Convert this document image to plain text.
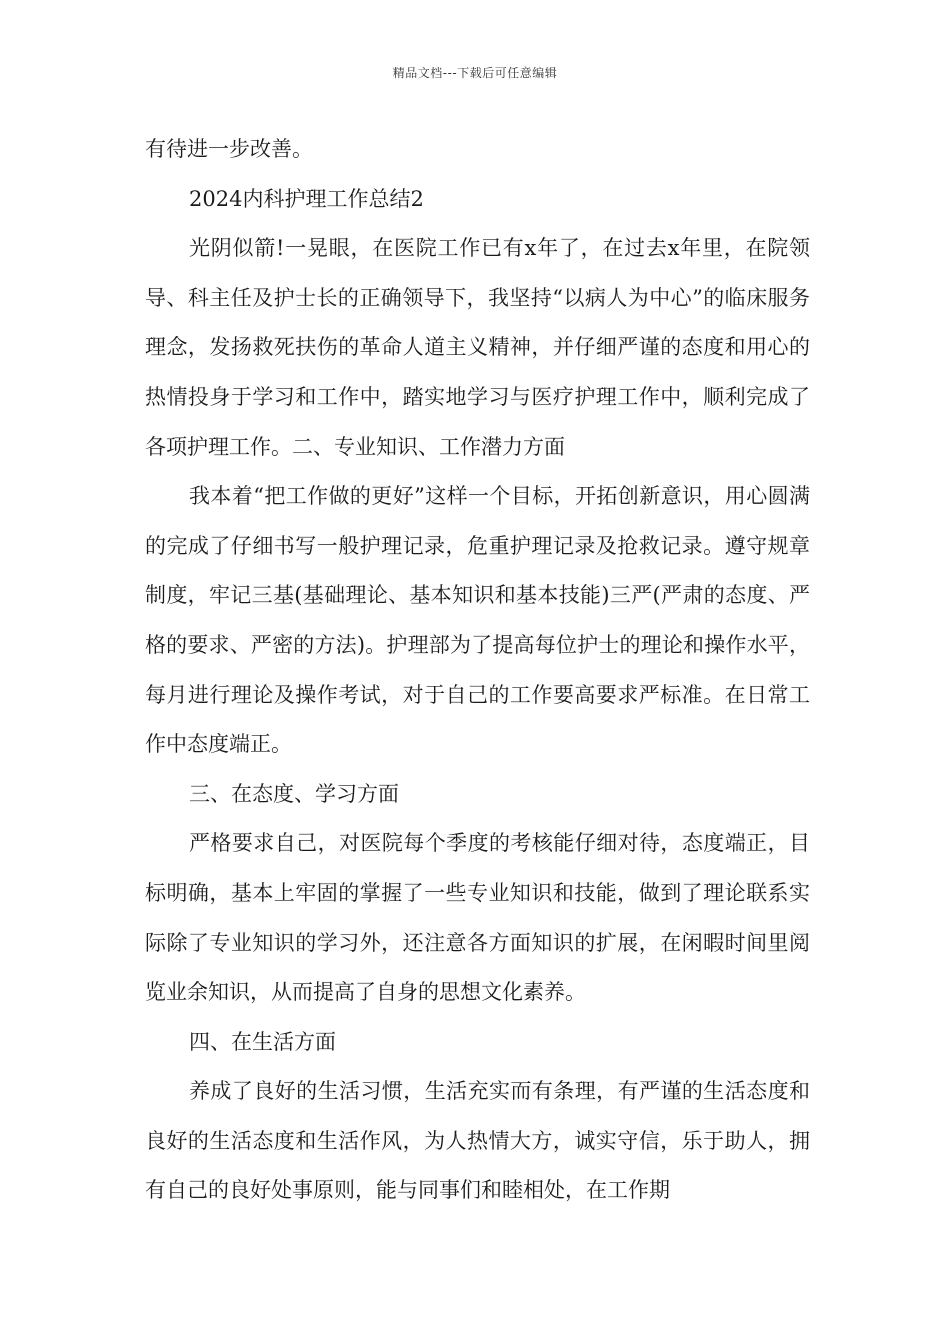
精品文档---下载后可任意编辑

有待进一步改善。

2024内科护理工作总结2

光阴似箭!一晃眼，在医院工作已有x年了，在过去x年里，在院领导、科主任及护士长的正确领导下，我坚持“以病人为中心”的临床服务理念，发扬救死扶伤的革命人道主义精神，并仔细严谨的态度和用心的热情投身于学习和工作中，踏实地学习与医疗护理工作中，顺利完成了各项护理工作。二、专业知识、工作潜力方面

我本着“把工作做的更好”这样一个目标，开拓创新意识，用心圆满的完成了仔细书写一般护理记录，危重护理记录及抢救记录。遵守规章制度，牢记三基(基础理论、基本知识和基本技能)三严(严肃的态度、严格的要求、严密的方法)。护理部为了提高每位护士的理论和操作水平，每月进行理论及操作考试，对于自己的工作要高要求严标准。在日常工作中态度端正。

三、在态度、学习方面

严格要求自己，对医院每个季度的考核能仔细对待，态度端正，目标明确，基本上牢固的掌握了一些专业知识和技能，做到了理论联系实际除了专业知识的学习外，还注意各方面知识的扩展，在闲暇时间里阅览业余知识，从而提高了自身的思想文化素养。

四、在生活方面

养成了良好的生活习惯，生活充实而有条理，有严谨的生活态度和良好的生活态度和生活作风，为人热情大方，诚实守信，乐于助人，拥有自己的良好处事原则，能与同事们和睦相处，在工作期
